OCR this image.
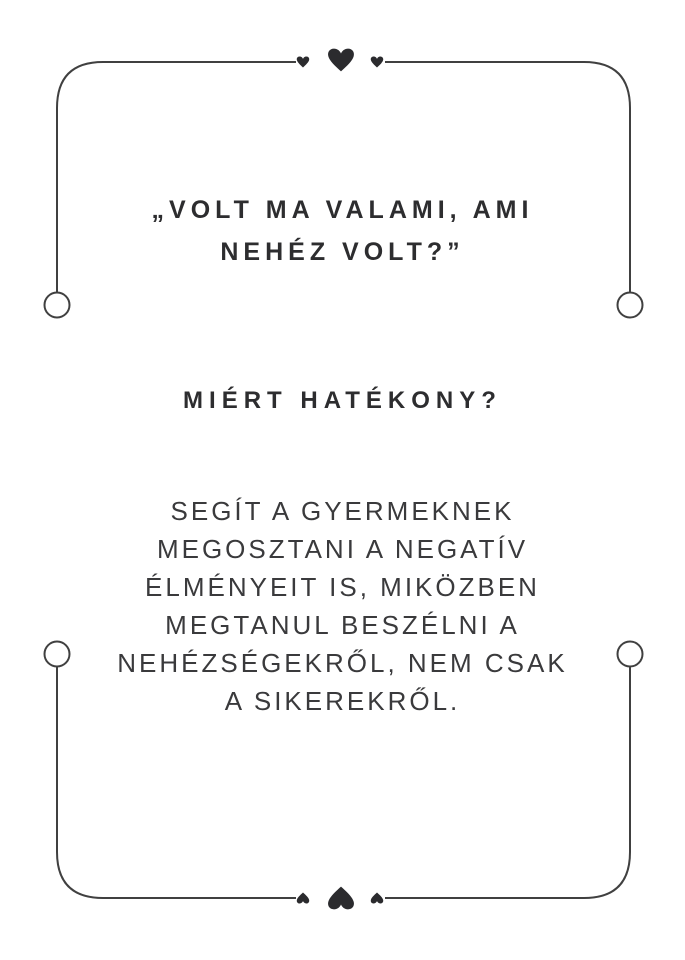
„VOLT MA VALAMI, AMI
NEHÉZ VOLT?”
MIÉRT HATÉKONY?
SEGÍT A GYERMEKNEK
MEGOSZTANI A NEGATÍV
ÉLMÉNYEIT IS, MIKÖZBEN
MEGTANUL BESZÉLNI A
NEHÉZSÉGEKRŐL, NEM CSAK
A SIKEREKRŐL.
